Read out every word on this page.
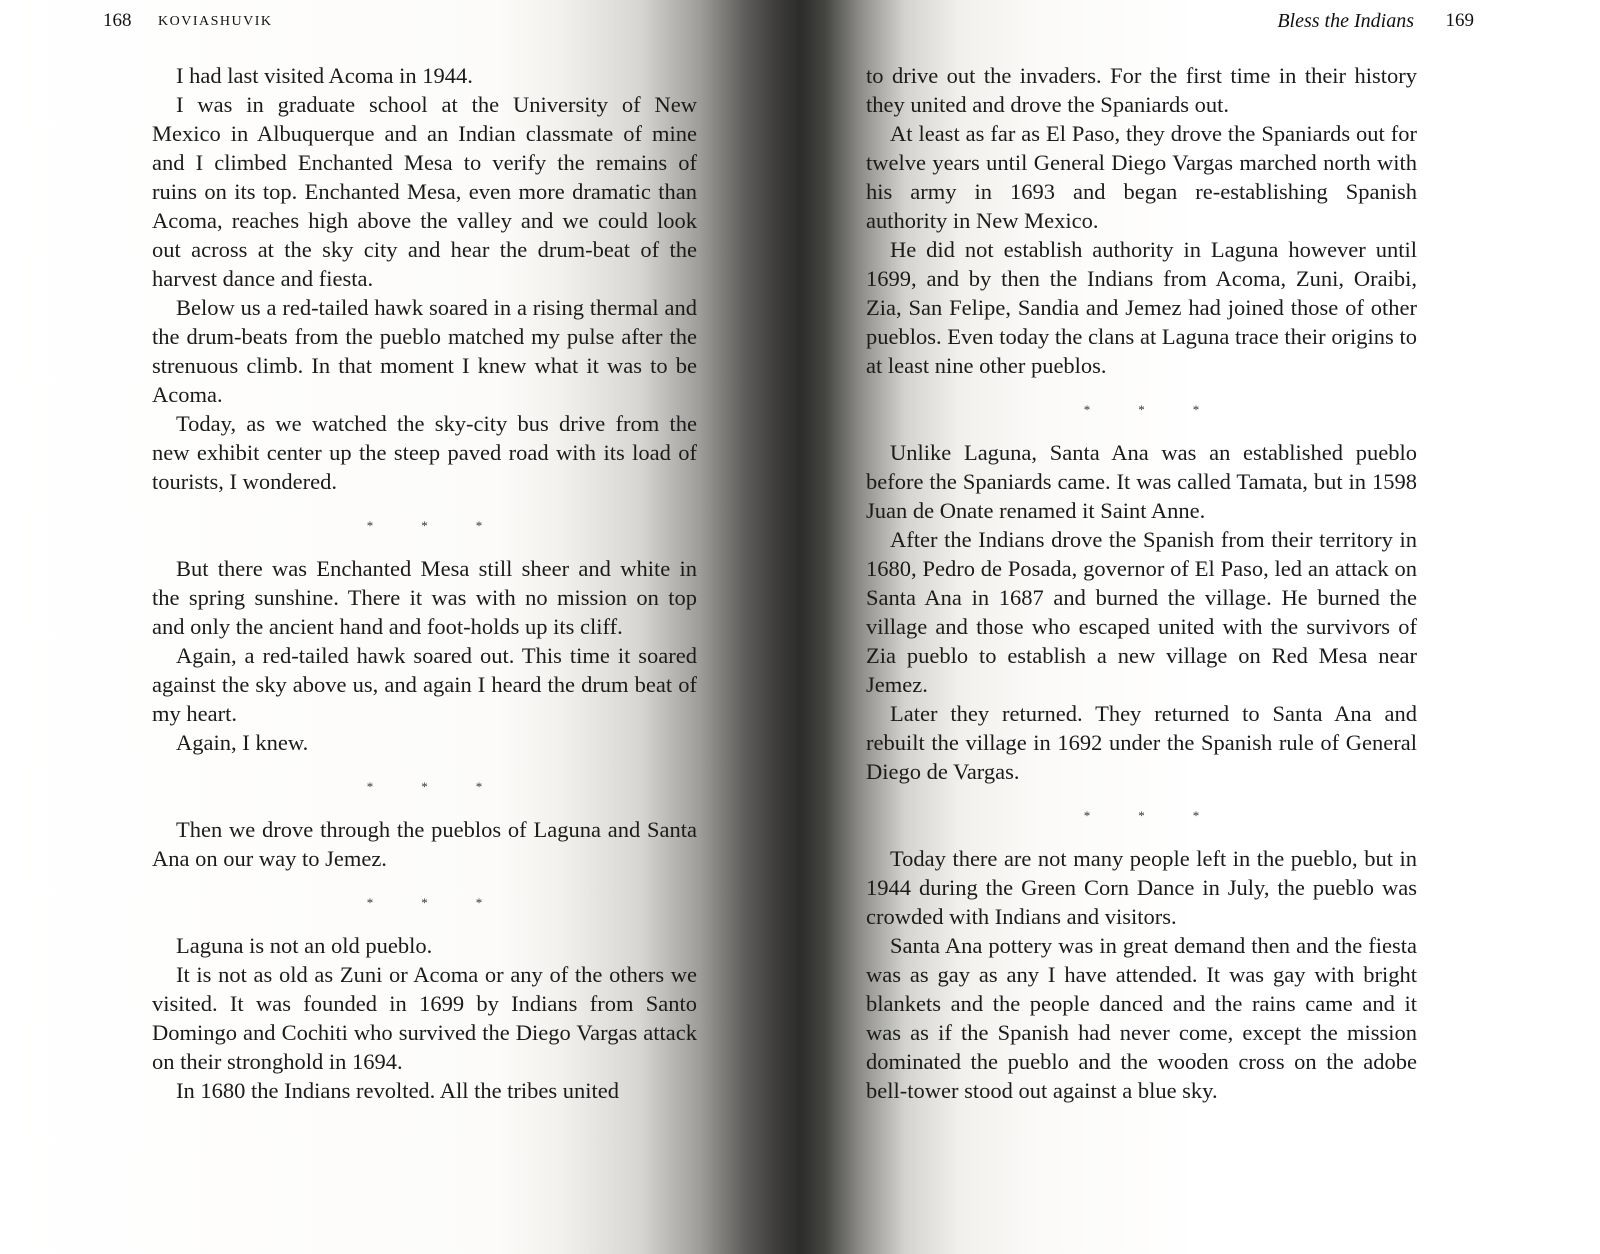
168 KOVIASHUVIK

I had last visited Acoma in 1944.

I was in graduate school at the University of New Mexico in Albuquerque and an Indian classmate of mine and I climbed Enchanted Mesa to verify the remains of ruins on its top. Enchanted Mesa, even more dramatic than Acoma, reaches high above the valley and we could look out across at the sky city and hear the drum-beat of the harvest dance and fiesta.

Below us a red-tailed hawk soared in a rising thermal and the drum-beats from the pueblo matched my pulse after the strenuous climb. In that moment I knew what it was to be Acoma.

Today, as we watched the sky-city bus drive from the new exhibit center up the steep paved road with its load of tourists, I wondered.

*	*	*

But there was Enchanted Mesa still sheer and white in the spring sunshine. There it was with no mission on top and only the ancient hand and foot-holds up its cliff.

Again, a red-tailed hawk soared out. This time it soared against the sky above us, and again I heard the drum beat of my heart.

Again, I knew.

*	*	*

Then we drove through the pueblos of Laguna and Santa Ana on our way to Jemez.

*	*	*

Laguna is not an old pueblo.

It is not as old as Zuni or Acoma or any of the others we visited. It was founded in 1699 by Indians from Santo Domingo and Cochiti who survived the Diego Vargas attack on their stronghold in 1694.

In 1680 the Indians revolted. All the tribes united

Bless the Indians 169

to drive out the invaders. For the first time in their history they united and drove the Spaniards out.

At least as far as El Paso, they drove the Spaniards out for twelve years until General Diego Vargas marched north with his army in 1693 and began re-establishing Spanish authority in New Mexico.

He did not establish authority in Laguna however until 1699, and by then the Indians from Acoma, Zuni, Oraibi, Zia, San Felipe, Sandia and Jemez had joined those of other pueblos. Even today the clans at Laguna trace their origins to at least nine other pueblos.

*	*	*

Unlike Laguna, Santa Ana was an established pueblo before the Spaniards came. It was called Tamata, but in 1598 Juan de Onate renamed it Saint Anne.

After the Indians drove the Spanish from their territory in 1680, Pedro de Posada, governor of El Paso, led an attack on Santa Ana in 1687 and burned the village. He burned the village and those who escaped united with the survivors of Zia pueblo to establish a new village on Red Mesa near Jemez.

Later they returned. They returned to Santa Ana and rebuilt the village in 1692 under the Spanish rule of General Diego de Vargas.

*	*	*

Today there are not many people left in the pueblo, but in 1944 during the Green Corn Dance in July, the pueblo was crowded with Indians and visitors.

Santa Ana pottery was in great demand then and the fiesta was as gay as any I have attended. It was gay with bright blankets and the people danced and the rains came and it was as if the Spanish had never come, except the mission dominated the pueblo and the wooden cross on the adobe bell-tower stood out against a blue sky.
